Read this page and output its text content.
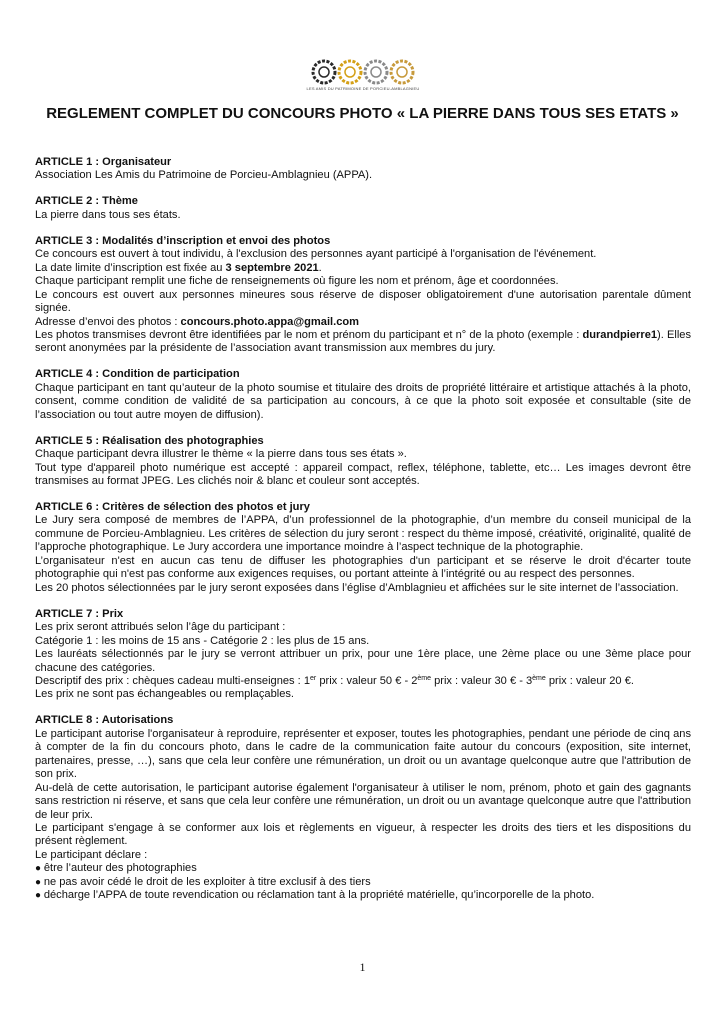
LES AMIS DU PATRIMOINE DE PORCIEU-AMBLAGNIEU
REGLEMENT COMPLET DU CONCOURS PHOTO « LA PIERRE DANS TOUS SES ETATS »
ARTICLE 1 : Organisateur

Association Les Amis du Patrimoine de Porcieu-Amblagnieu (APPA).

ARTICLE 2 : Thème

La pierre dans tous ses états.

ARTICLE 3 : Modalités d’inscription et envoi des photos

Ce concours est ouvert à tout individu, à l'exclusion des personnes ayant participé à l'organisation de l'événement.

La date limite d’inscription est fixée au 3 septembre 2021.

Chaque participant remplit une fiche de renseignements où figure les nom et prénom, âge et coordonnées.

Le concours est ouvert aux personnes mineures sous réserve de disposer obligatoirement d'une autorisation parentale dûment signée.

Adresse d’envoi des photos : concours.photo.appa@gmail.com

Les photos transmises devront être identifiées par le nom et prénom du participant et n° de la photo (exemple : durandpierre1). Elles seront anonymées par la présidente de l’association avant transmission aux membres du jury.

ARTICLE 4 : Condition de participation

Chaque participant en tant qu’auteur de la photo soumise et titulaire des droits de propriété littéraire et artistique attachés à la photo, consent, comme condition de validité de sa participation au concours, à ce que la photo soit exposée et consultable (site de l’association ou tout autre moyen de diffusion).

ARTICLE 5 : Réalisation des photographies

Chaque participant devra illustrer le thème « la pierre dans tous ses états ».

Tout type d'appareil photo numérique est accepté : appareil compact, reflex, téléphone, tablette, etc… Les images devront être transmises au format JPEG. Les clichés noir & blanc et couleur sont acceptés.

ARTICLE 6 : Critères de sélection des photos et jury

Le Jury sera composé de membres de l’APPA, d’un professionnel de la photographie, d’un membre du conseil municipal de la commune de Porcieu-Amblagnieu. Les critères de sélection du jury seront : respect du thème imposé, créativité, originalité, qualité de l’approche photographique. Le Jury accordera une importance moindre à l’aspect technique de la photographie.

L’organisateur n'est en aucun cas tenu de diffuser les photographies d'un participant et se réserve le droit d'écarter toute photographie qui n'est pas conforme aux exigences requises, ou portant atteinte à l’intégrité ou au respect des personnes.

Les 20 photos sélectionnées par le jury seront exposées dans l’église d’Amblagnieu et affichées sur le site internet de l’association.

ARTICLE 7 : Prix

Les prix seront attribués selon l’âge du participant :

Catégorie 1 : les moins de 15 ans - Catégorie 2 : les plus de 15 ans.

Les lauréats sélectionnés par le jury se verront attribuer un prix, pour une 1ère place, une 2ème place ou une 3ème place pour chacune des catégories.

Descriptif des prix : chèques cadeau multi-enseignes : 1er prix : valeur 50 € - 2ème prix : valeur 30 € - 3ème prix : valeur 20 €.

Les prix ne sont pas échangeables ou remplaçables.

ARTICLE 8 : Autorisations

Le participant autorise l'organisateur à reproduire, représenter et exposer, toutes les photographies, pendant une période de cinq ans à compter de la fin du concours photo, dans le cadre de la communication faite autour du concours (exposition, site internet, partenaires, presse, …), sans que cela leur confère une rémunération, un droit ou un avantage quelconque autre que l'attribution de son prix.

Au-delà de cette autorisation, le participant autorise également l'organisateur à utiliser le nom, prénom, photo et gain des gagnants sans restriction ni réserve, et sans que cela leur confère une rémunération, un droit ou un avantage quelconque autre que l'attribution de leur prix.

Le participant s'engage à se conformer aux lois et règlements en vigueur, à respecter les droits des tiers et les dispositions du présent règlement.

Le participant déclare :

● être l’auteur des photographies
● ne pas avoir cédé le droit de les exploiter à titre exclusif à des tiers
● décharge l’APPA de toute revendication ou réclamation tant à la propriété matérielle, qu’incorporelle de la photo.
1
